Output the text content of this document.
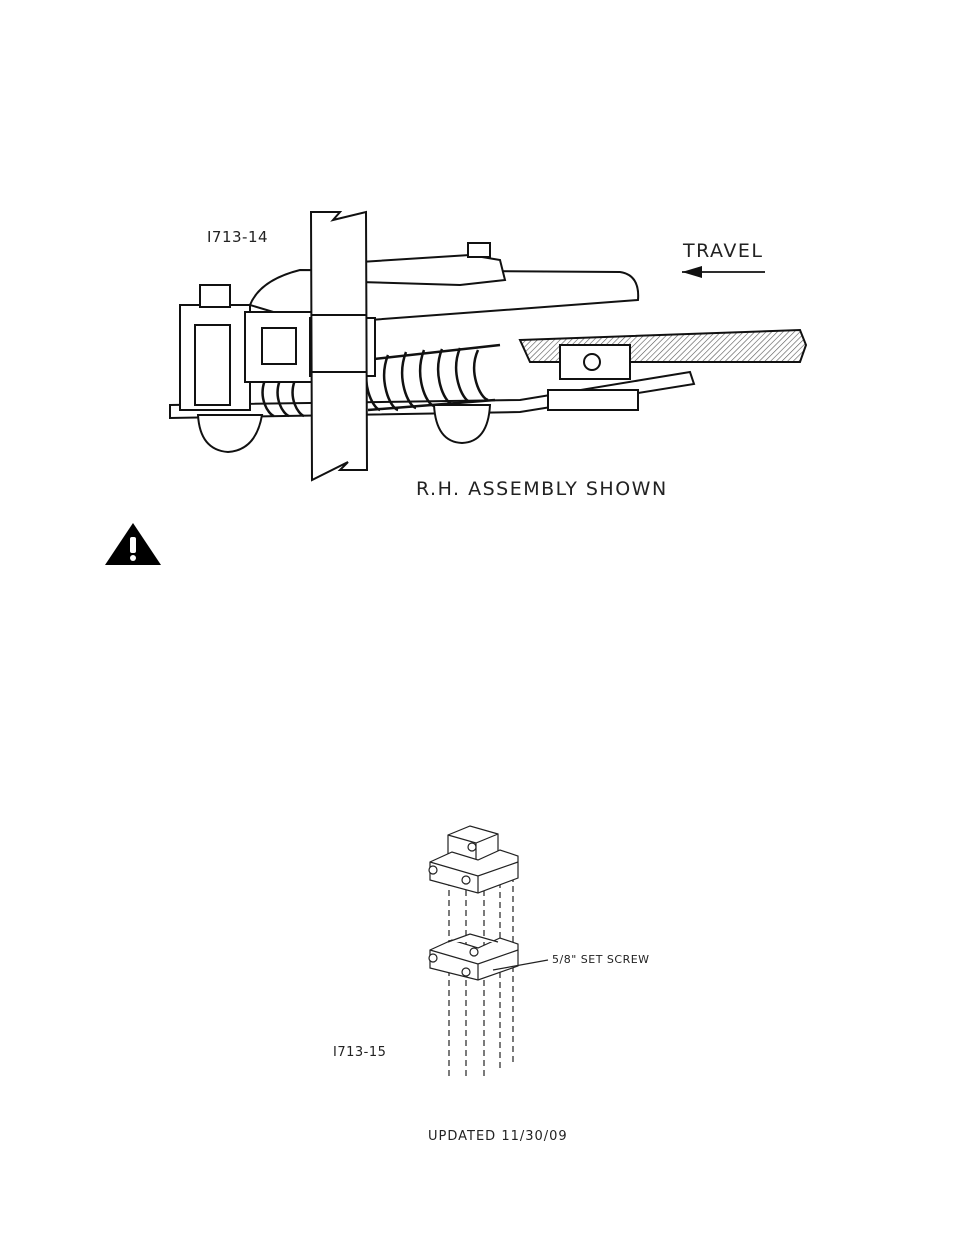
I713-14
TRAVEL
R.H. ASSEMBLY SHOWN
5/8" SET SCREW
I713-15
UPDATED 11/30/09
